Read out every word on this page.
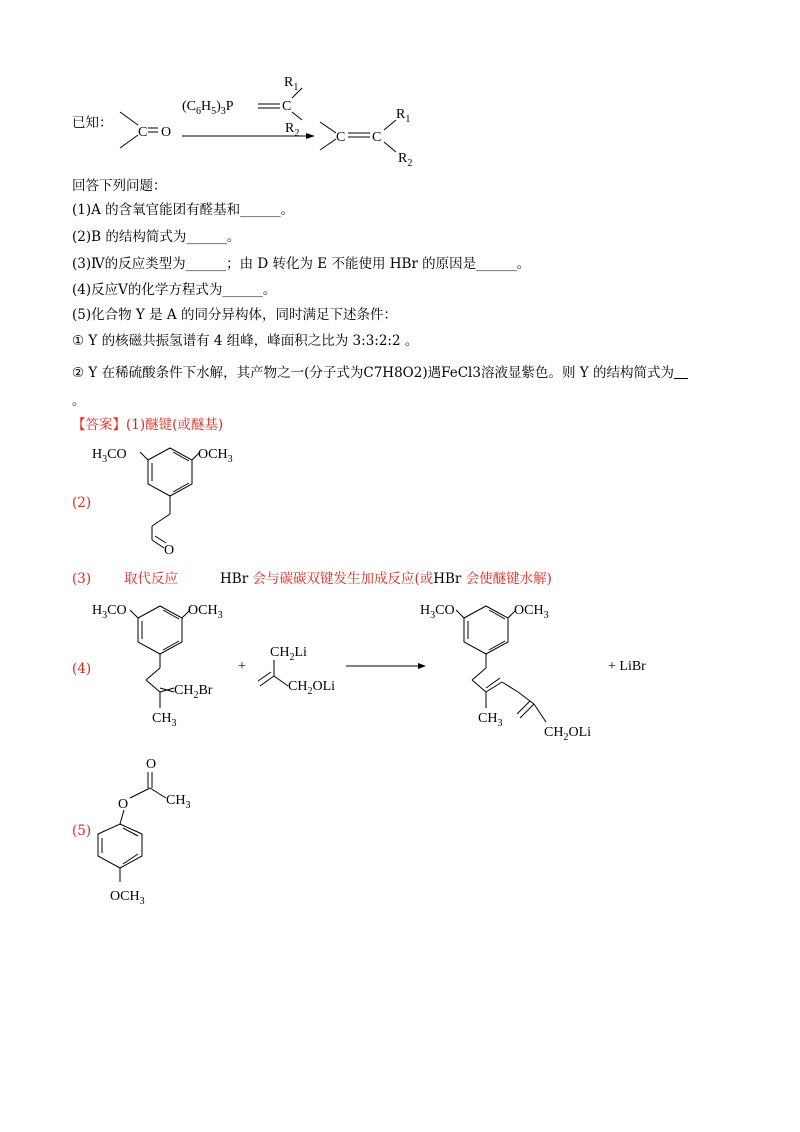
已知：
C O
$(C_6H_5)_3P$	C
$R_1$
$R_2$	C C
$R_1$
$R_2$
回答下列问题：
(1)A 的含氧官能团有醛基和______。
(2)B 的结构简式为______。
(3)Ⅳ的反应类型为______；由 D 转化为 E 不能使用 HBr 的原因是______。
(4)反应Ⅴ的化学方程式为______。
(5)化合物 Y 是 A 的同分异构体，同时满足下述条件：
① Y 的核磁共振氢谱有 4 组峰，峰面积之比为 3:3:2:2 。
② Y 在稀硫酸条件下水解，其产物之一(分子式为C7H8O2)遇FeCl3溶液显紫色。则 Y 的结构简式为
。
【答案】(1)醚键(或醚基)
(2)
$H_3CO$	$OCH_3$
O
(3) 取代反应	HBr 会与碳碳双键发生加成反应(或HBr 会使醚键水解)
(4)
$H_3CO$	$OCH_3$
$CH_2Br$
$CH_3$
+
$CH_2Li$
$CH_2OLi$
$H_3CO$	$OCH_3$
$CH_3$
$CH_2OLi$
+ LiBr
(5)
O
$CH_3$
O
$OCH_3$
